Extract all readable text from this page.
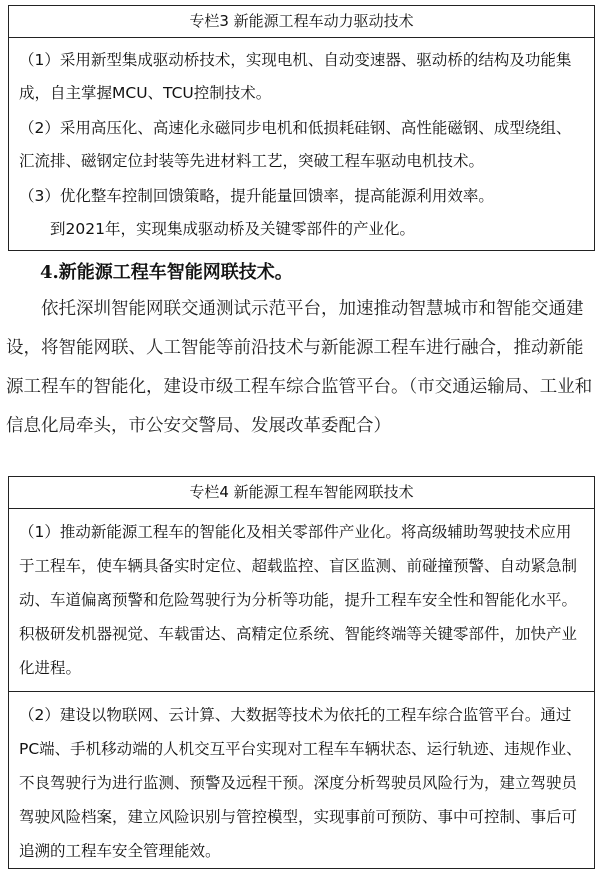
专栏3 新能源工程车动力驱动技术

（1）采用新型集成驱动桥技术，实现电机、自动变速器、驱动桥的结构及功能集成，自主掌握MCU、TCU控制技术。

（2）采用高压化、高速化永磁同步电机和低损耗硅钢、高性能磁钢、成型绕组、汇流排、磁钢定位封装等先进材料工艺，突破工程车驱动电机技术。

（3）优化整车控制回馈策略，提升能量回馈率，提高能源利用效率。

到2021年，实现集成驱动桥及关键零部件的产业化。

4.新能源工程车智能网联技术。

依托深圳智能网联交通测试示范平台，加速推动智慧城市和智能交通建设，将智能网联、人工智能等前沿技术与新能源工程车进行融合，推动新能源工程车的智能化，建设市级工程车综合监管平台。（市交通运输局、工业和信息化局牵头，市公安交警局、发展改革委配合）

专栏4 新能源工程车智能网联技术

（1）推动新能源工程车的智能化及相关零部件产业化。将高级辅助驾驶技术应用于工程车，使车辆具备实时定位、超载监控、盲区监测、前碰撞预警、自动紧急制动、车道偏离预警和危险驾驶行为分析等功能，提升工程车安全性和智能化水平。积极研发机器视觉、车载雷达、高精定位系统、智能终端等关键零部件，加快产业化进程。

（2）建设以物联网、云计算、大数据等技术为依托的工程车综合监管平台。通过PC端、手机移动端的人机交互平台实现对工程车车辆状态、运行轨迹、违规作业、不良驾驶行为进行监测、预警及远程干预。深度分析驾驶员风险行为，建立驾驶员驾驶风险档案，建立风险识别与管控模型，实现事前可预防、事中可控制、事后可追溯的工程车安全管理能效。
